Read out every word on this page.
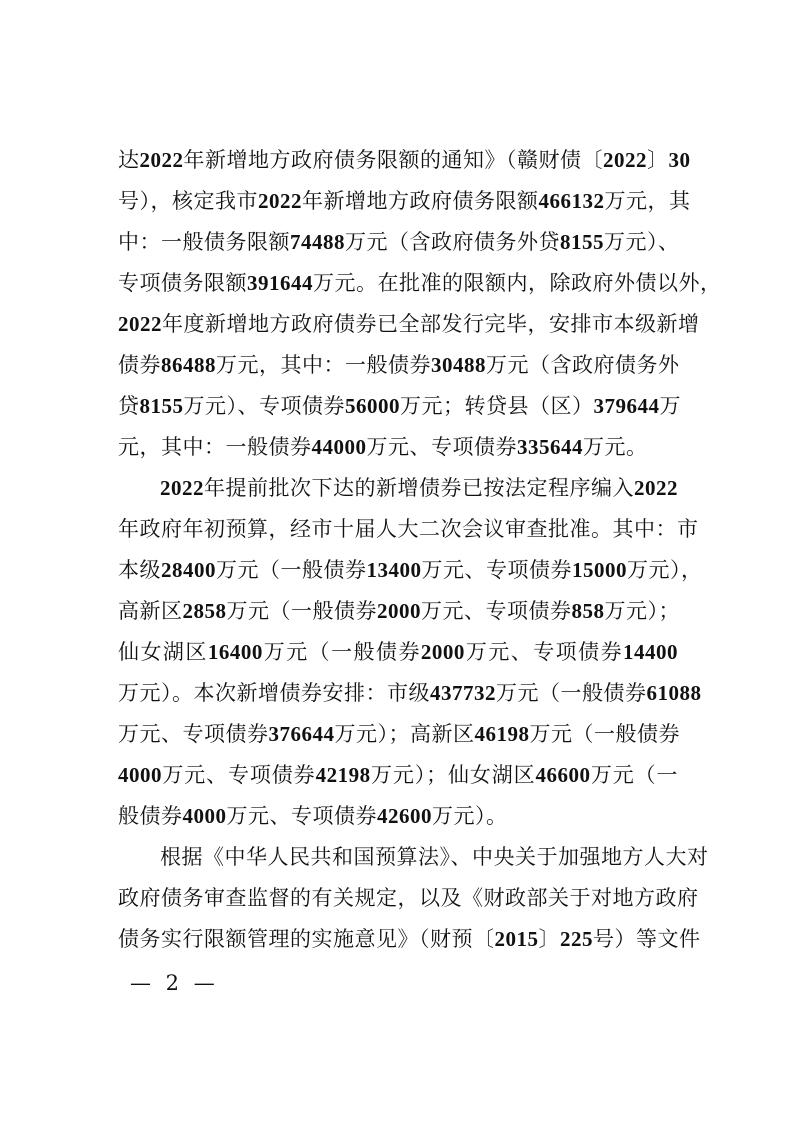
达2022年新增地方政府债务限额的通知》（赣财债〔2022〕30
号），核定我市2022年新增地方政府债务限额466132万元，其
中：一般债务限额74488万元（含政府债务外贷8155万元）、
专项债务限额391644万元。在批准的限额内，除政府外债以外，
2022年度新增地方政府债券已全部发行完毕，安排市本级新增
债券86488万元，其中：一般债券30488万元（含政府债务外
贷8155万元）、专项债券56000万元；转贷县（区）379644万
元，其中：一般债券44000万元、专项债券335644万元。
2022年提前批次下达的新增债券已按法定程序编入2022
年政府年初预算，经市十届人大二次会议审查批准。其中：市
本级28400万元（一般债券13400万元、专项债券15000万元），
高新区2858万元（一般债券2000万元、专项债券858万元）；
仙女湖区16400万元（一般债券2000万元、专项债券14400
万元）。本次新增债券安排：市级437732万元（一般债券61088
万元、专项债券376644万元）；高新区46198万元（一般债券
4000万元、专项债券42198万元）；仙女湖区46600万元（一
般债券4000万元、专项债券42600万元）。
根据《中华人民共和国预算法》、中央关于加强地方人大对
政府债务审查监督的有关规定，以及《财政部关于对地方政府
债务实行限额管理的实施意见》（财预〔2015〕225号）等文件
— 2 —
